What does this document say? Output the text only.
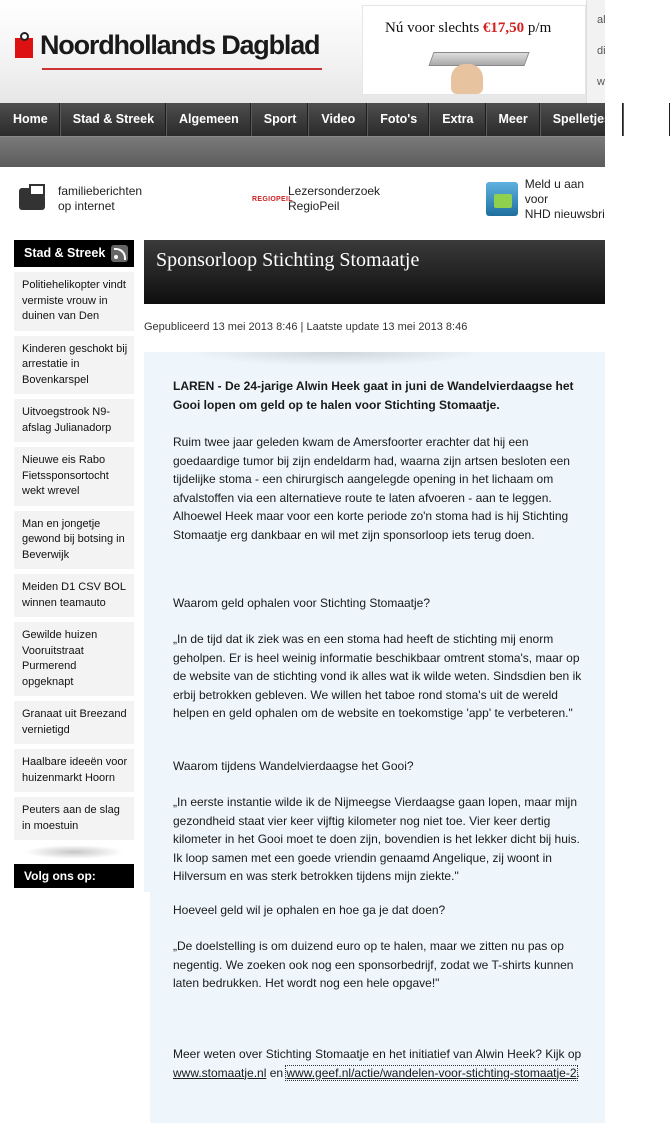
Noordhollands Dagblad
Nú voor slechts €17,50 p/m	al
di
w
Home	Stad & Streek	Algemeen	Sport	Video	Foto's	Extra	Meer	Spelletjes	Van
familieberichten
op internet	REGIOPEIL
Lezersonderzoek
RegioPeil
Meld u aan voor
NHD nieuwsbri
Stad & Streek
Politiehelikopter vindt vermiste vrouw in duinen van Den
Kinderen geschokt bij arrestatie in Bovenkarspel
Uitvoegstrook N9-afslag Julianadorp
Nieuwe eis Rabo Fietssponsortocht wekt wrevel
Man en jongetje gewond bij botsing in Beverwijk
Meiden D1 CSV BOL winnen teamauto
Gewilde huizen Vooruitstraat Purmerend opgeknapt
Granaat uit Breezand vernietigd
Haalbare ideeën voor huizenmarkt Hoorn
Peuters aan de slag in moestuin
Volg ons op:
Sponsorloop Stichting Stomaatje
Gepubliceerd 13 mei 2013 8:46 | Laatste update 13 mei 2013 8:46
LAREN - De 24-jarige Alwin Heek gaat in juni de Wandelvierdaagse het Gooi lopen om geld op te halen voor Stichting Stomaatje.
Ruim twee jaar geleden kwam de Amersfoorter erachter dat hij een goedaardige tumor bij zijn endeldarm had, waarna zijn artsen besloten een tijdelijke stoma - een chirurgisch aangelegde opening in het lichaam om afvalstoffen via een alternatieve route te laten afvoeren - aan te leggen. Alhoewel Heek maar voor een korte periode zo'n stoma had is hij Stichting Stomaatje erg dankbaar en wil met zijn sponsorloop iets terug doen.
Waarom geld ophalen voor Stichting Stomaatje?
„In de tijd dat ik ziek was en een stoma had heeft de stichting mij enorm geholpen. Er is heel weinig informatie beschikbaar omtrent stoma's, maar op de website van de stichting vond ik alles wat ik wilde weten. Sindsdien ben ik erbij betrokken gebleven. We willen het taboe rond stoma's uit de wereld helpen en geld ophalen om de website en toekomstige 'app' te verbeteren."
Waarom tijdens Wandelvierdaagse het Gooi?
„In eerste instantie wilde ik de Nijmeegse Vierdaagse gaan lopen, maar mijn gezondheid staat vier keer vijftig kilometer nog niet toe. Vier keer dertig kilometer in het Gooi moet te doen zijn, bovendien is het lekker dicht bij huis. Ik loop samen met een goede vriendin genaamd Angelique, zij woont in Hilversum en was sterk betrokken tijdens mijn ziekte."
Hoeveel geld wil je ophalen en hoe ga je dat doen?
„De doelstelling is om duizend euro op te halen, maar we zitten nu pas op negentig. We zoeken ook nog een sponsorbedrijf, zodat we T-shirts kunnen laten bedrukken. Het wordt nog een hele opgave!"
Meer weten over Stichting Stomaatje en het initiatief van Alwin Heek? Kijk op www.stomaatje.nl en www.geef.nl/actie/wandelen-voor-stichting-stomaatje-2.
